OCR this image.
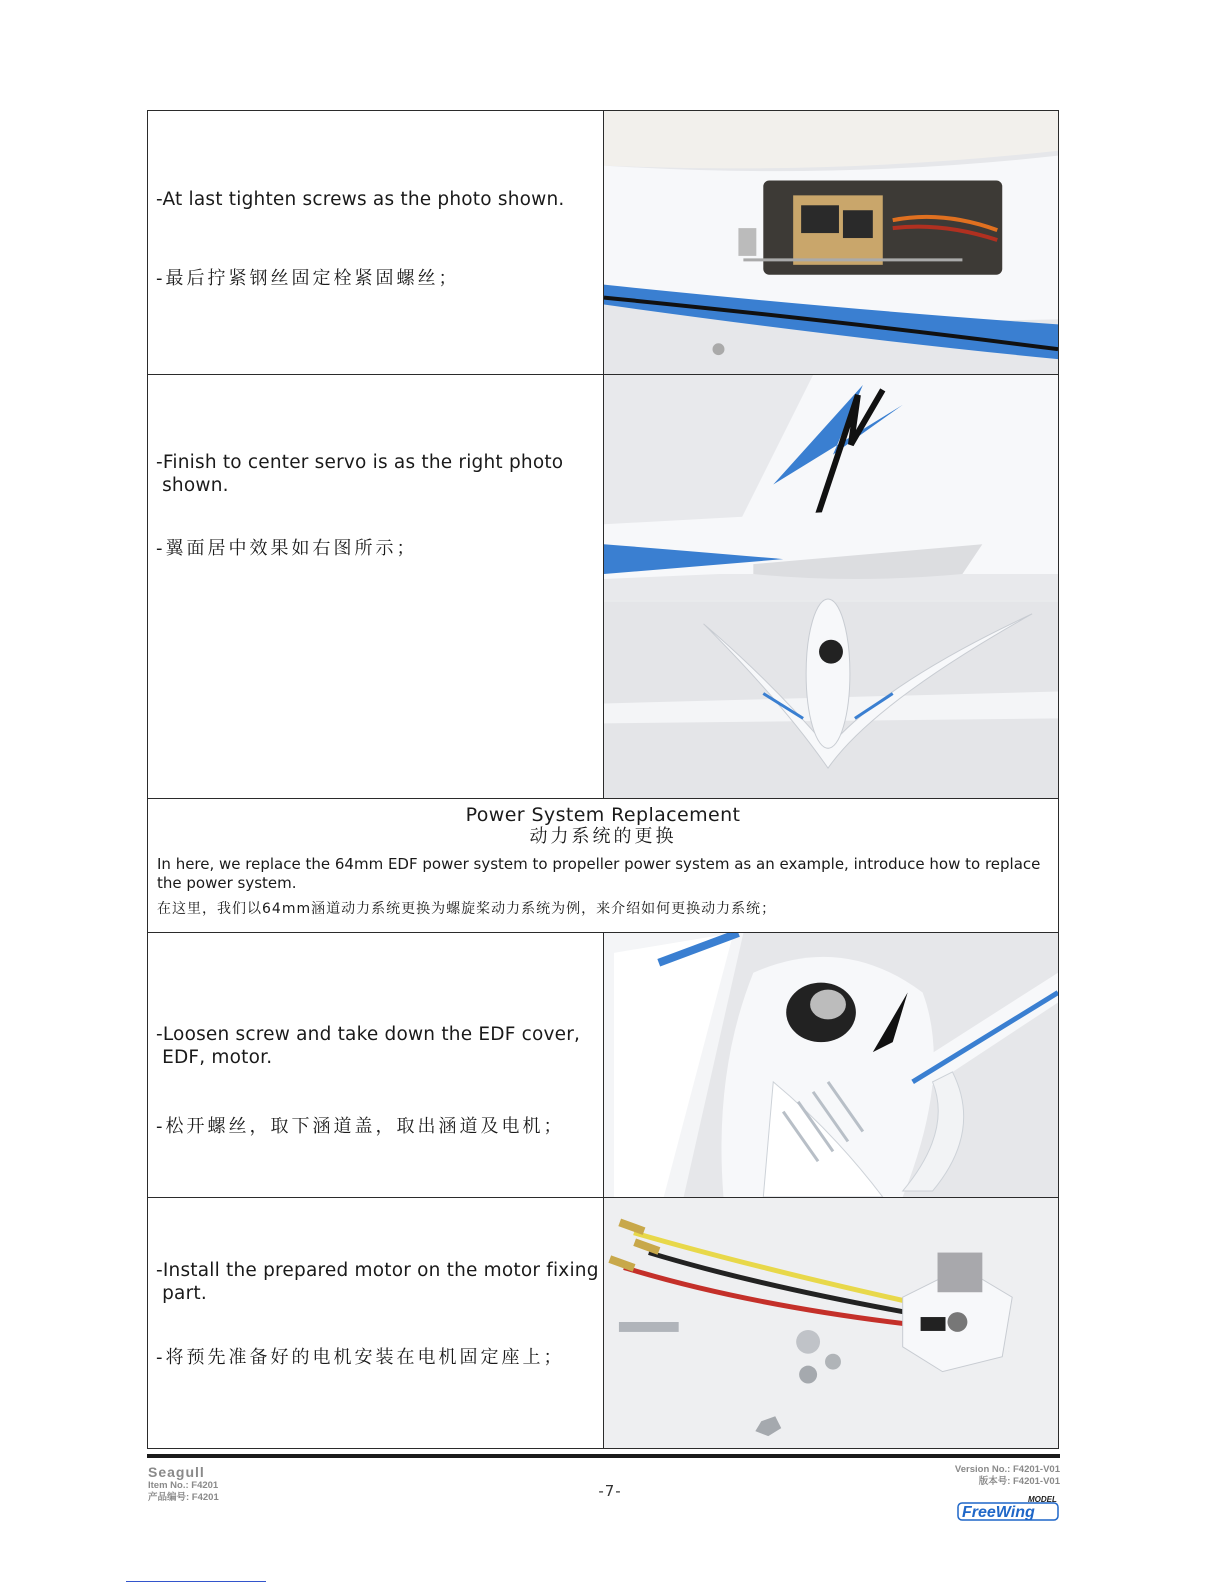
-At last tighten screws as the photo shown.
-最后拧紧钢丝固定栓紧固螺丝；
-Finish to center servo is as the right photo
shown.
-翼面居中效果如右图所示；
Power System Replacement
动力系统的更换
In here, we replace the 64mm EDF power system to propeller power system as an example, introduce how to replace the power system.
在这里，我们以64mm涵道动力系统更换为螺旋桨动力系统为例，来介绍如何更换动力系统；
-Loosen screw and take down the EDF cover,
EDF, motor.
-松开螺丝，取下涵道盖，取出涵道及电机；
-Install the prepared motor on the motor fixing
part.
-将预先准备好的电机安装在电机固定座上；
Seagull
Item No.: F4201
产品编号: F4201	-7-
Version No.: F4201-V01
版本号: F4201-V01
MODEL
FreeWing
